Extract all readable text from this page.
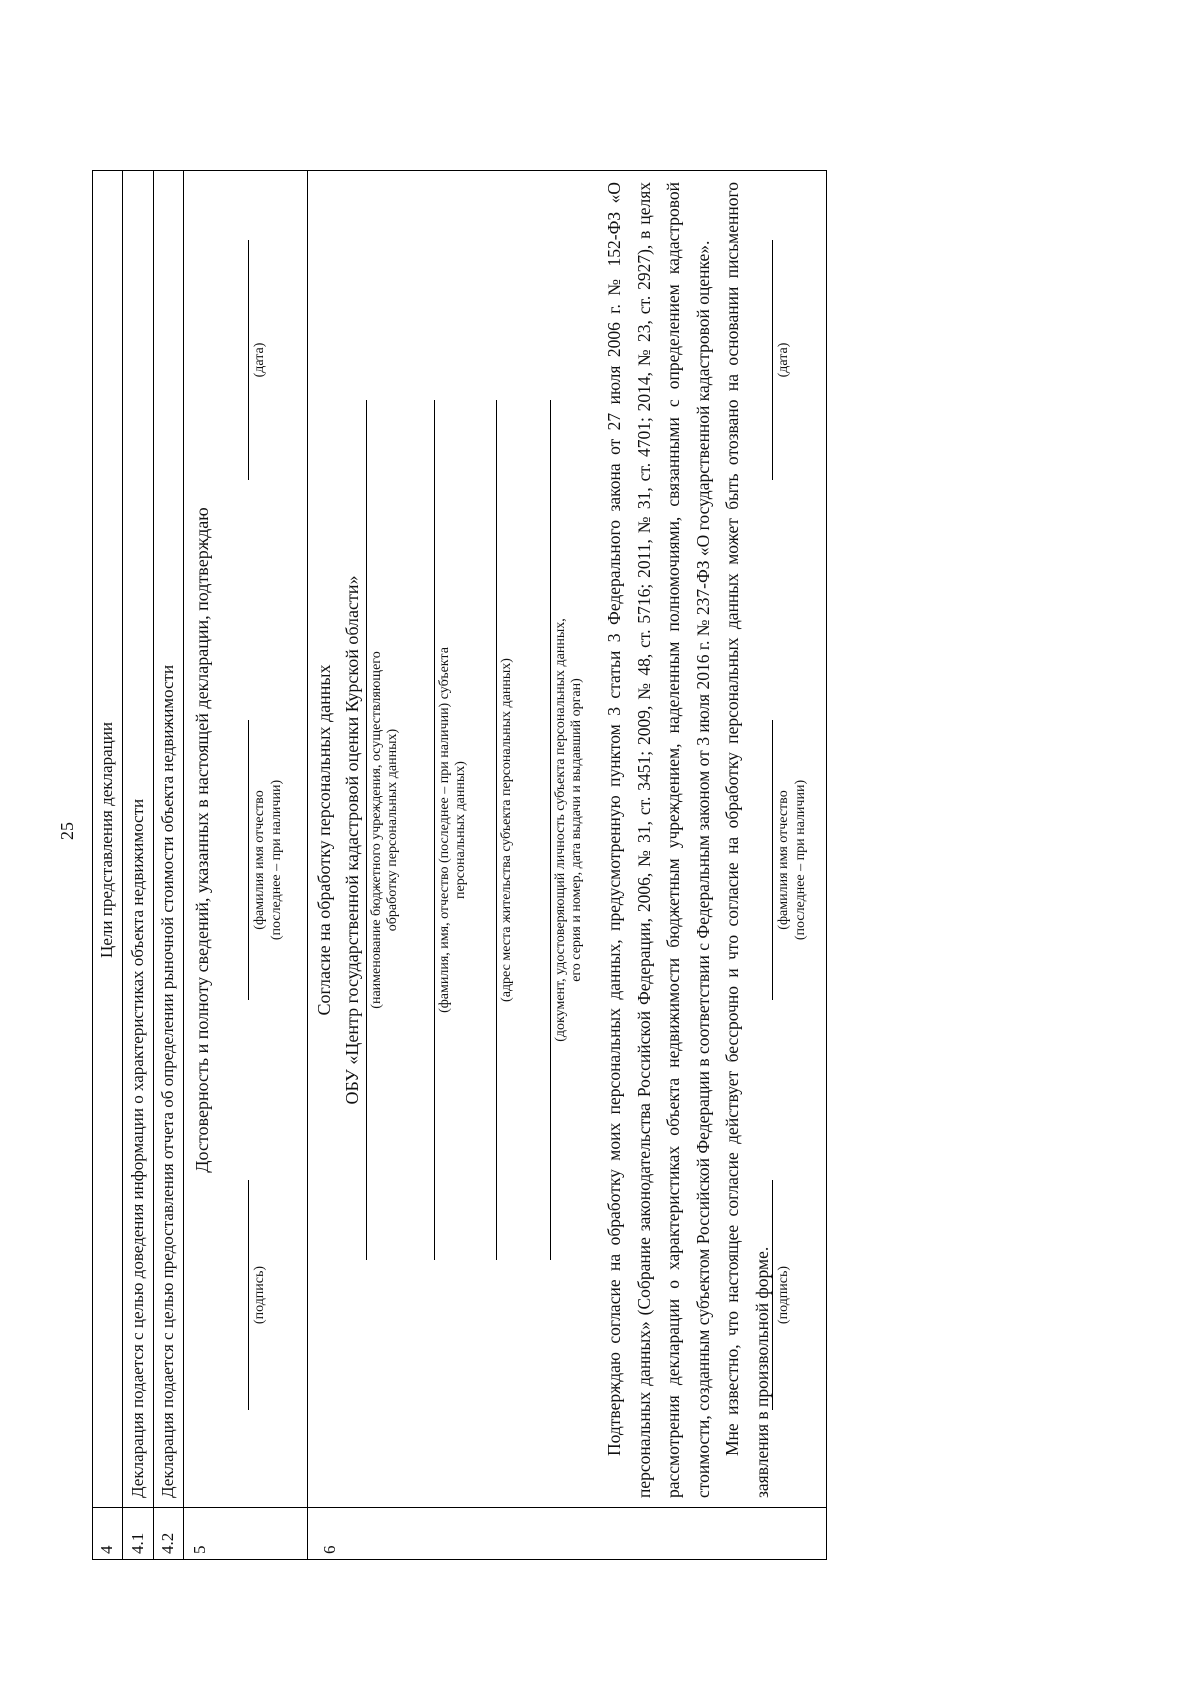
25
4
Цели представления декларации
4.1
Декларация подается с целью доведения информации о характеристиках объекта недвижимости
4.2
Декларация подается с целью предоставления отчета об определении рыночной стоимости объекта недвижимости
5
Достоверность и полноту сведений, указанных в настоящей декларации, подтверждаю
(подпись)
(фамилия имя отчество (последнее – при наличии)
(дата)
6
Согласие на обработку персональных данных ОБУ «Центр государственной кадастровой оценки Курской области» (наименование бюджетного учреждения, осуществляющего обработку персональных данных)	(фамилия, имя, отчество (последнее – при наличии) субъекта персональных данных) (адрес места жительства субъекта персональных данных)	(документ, удостоверяющий личность субъекта персональных данных, его серия и номер, дата выдачи и выдавший орган) Подтверждаю согласие на обработку моих персональных данных, предусмотренную пунктом 3 статьи 3 Федерального закона от 27 июля 2006 г. № 152-ФЗ «О персональных данных» (Собрание законодательства Российской Федерации, 2006, № 31, ст. 3451; 2009, № 48, ст. 5716; 2011, № 31, ст. 4701; 2014, № 23, ст. 2927), в целях рассмотрения декларации о характеристиках объекта недвижимости бюджетным учреждением, наделенным полномочиями, связанными с определением кадастровой стоимости, созданным субъектом Российской Федерации в соответствии с Федеральным законом от 3 июля 2016 г. № 237-ФЗ «О государственной кадастровой оценке». Мне известно, что настоящее согласие действует бессрочно и что согласие на обработку персональных данных может быть отозвано на основании письменного заявления в произвольной форме. (подпись)
(фамилия имя отчество (последнее – при наличии)
(дата)
